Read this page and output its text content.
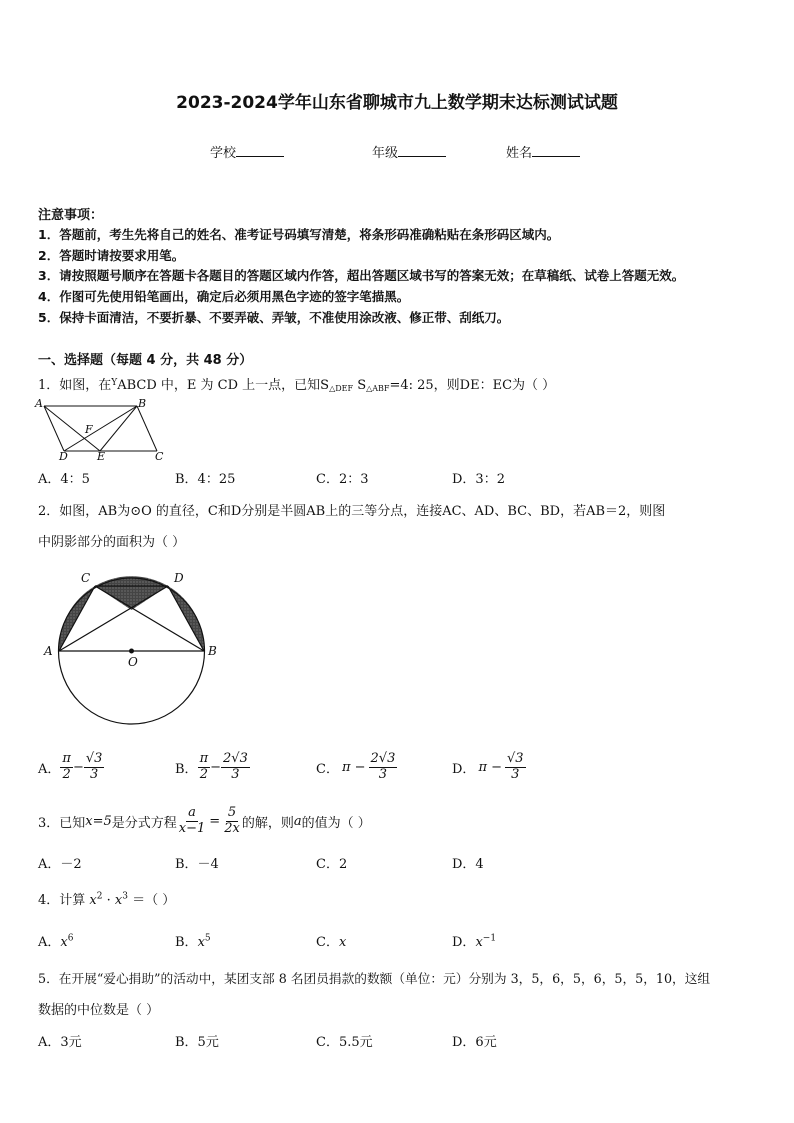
2023-2024学年山东省聊城市九上数学期末达标测试试题
学校	年级	姓名
注意事项：
1．答题前，考生先将自己的姓名、准考证号码填写清楚，将条形码准确粘贴在条形码区域内。
2．答题时请按要求用笔。
3．请按照题号顺序在答题卡各题目的答题区域内作答，超出答题区域书写的答案无效；在草稿纸、试卷上答题无效。
4．作图可先使用铅笔画出，确定后必须用黑色字迹的签字笔描黑。
5．保持卡面清洁，不要折暴、不要弄破、弄皱，不准使用涂改液、修正带、刮纸刀。
一、选择题（每题 4 分，共 48 分）
1．如图，在$^Y$ABCD 中，E 为 CD 上一点，已知$S_{\triangle DEF}$ $S_{\triangle ABF}=4$: 25，则DE：EC为（ ）
A	B
F
D	E	C
A．4：5	B．4：25	C．2：3	D．3：2
2．如图，AB为⊙O 的直径，C和D分别是半圆AB上的三等分点，连接AC、AD、BC、BD，若AB＝2，则图
中阴影部分的面积为（ ）
C	D
A	B
O
A． $\frac{\pi}{2} - \frac{√3}{3}$	B． $\frac{\pi}{2} - \frac{2√3}{3}$	C． $\pi - \frac{2√3}{3}$	D． $\pi - \frac{√3}{3}$
3．已知 x=5 是分式方程 $\frac{a}{x-1} = \frac{5}{2x}$ 的解，则 a 的值为（ ）
A．－2	B．－4	C．2	D．4
4．计算 $x^2 \cdot x^3$ ＝（ ）
A．$x^6$	B．$x^5$	C．x	D．$x^{-1}$
5．在开展“爱心捐助”的活动中，某团支部 8 名团员捐款的数额（单位：元）分别为 3，5，6，5，6，5，5，10，这组
数据的中位数是（ ）
A．3元	B．5元	C．5.5元	D．6元
